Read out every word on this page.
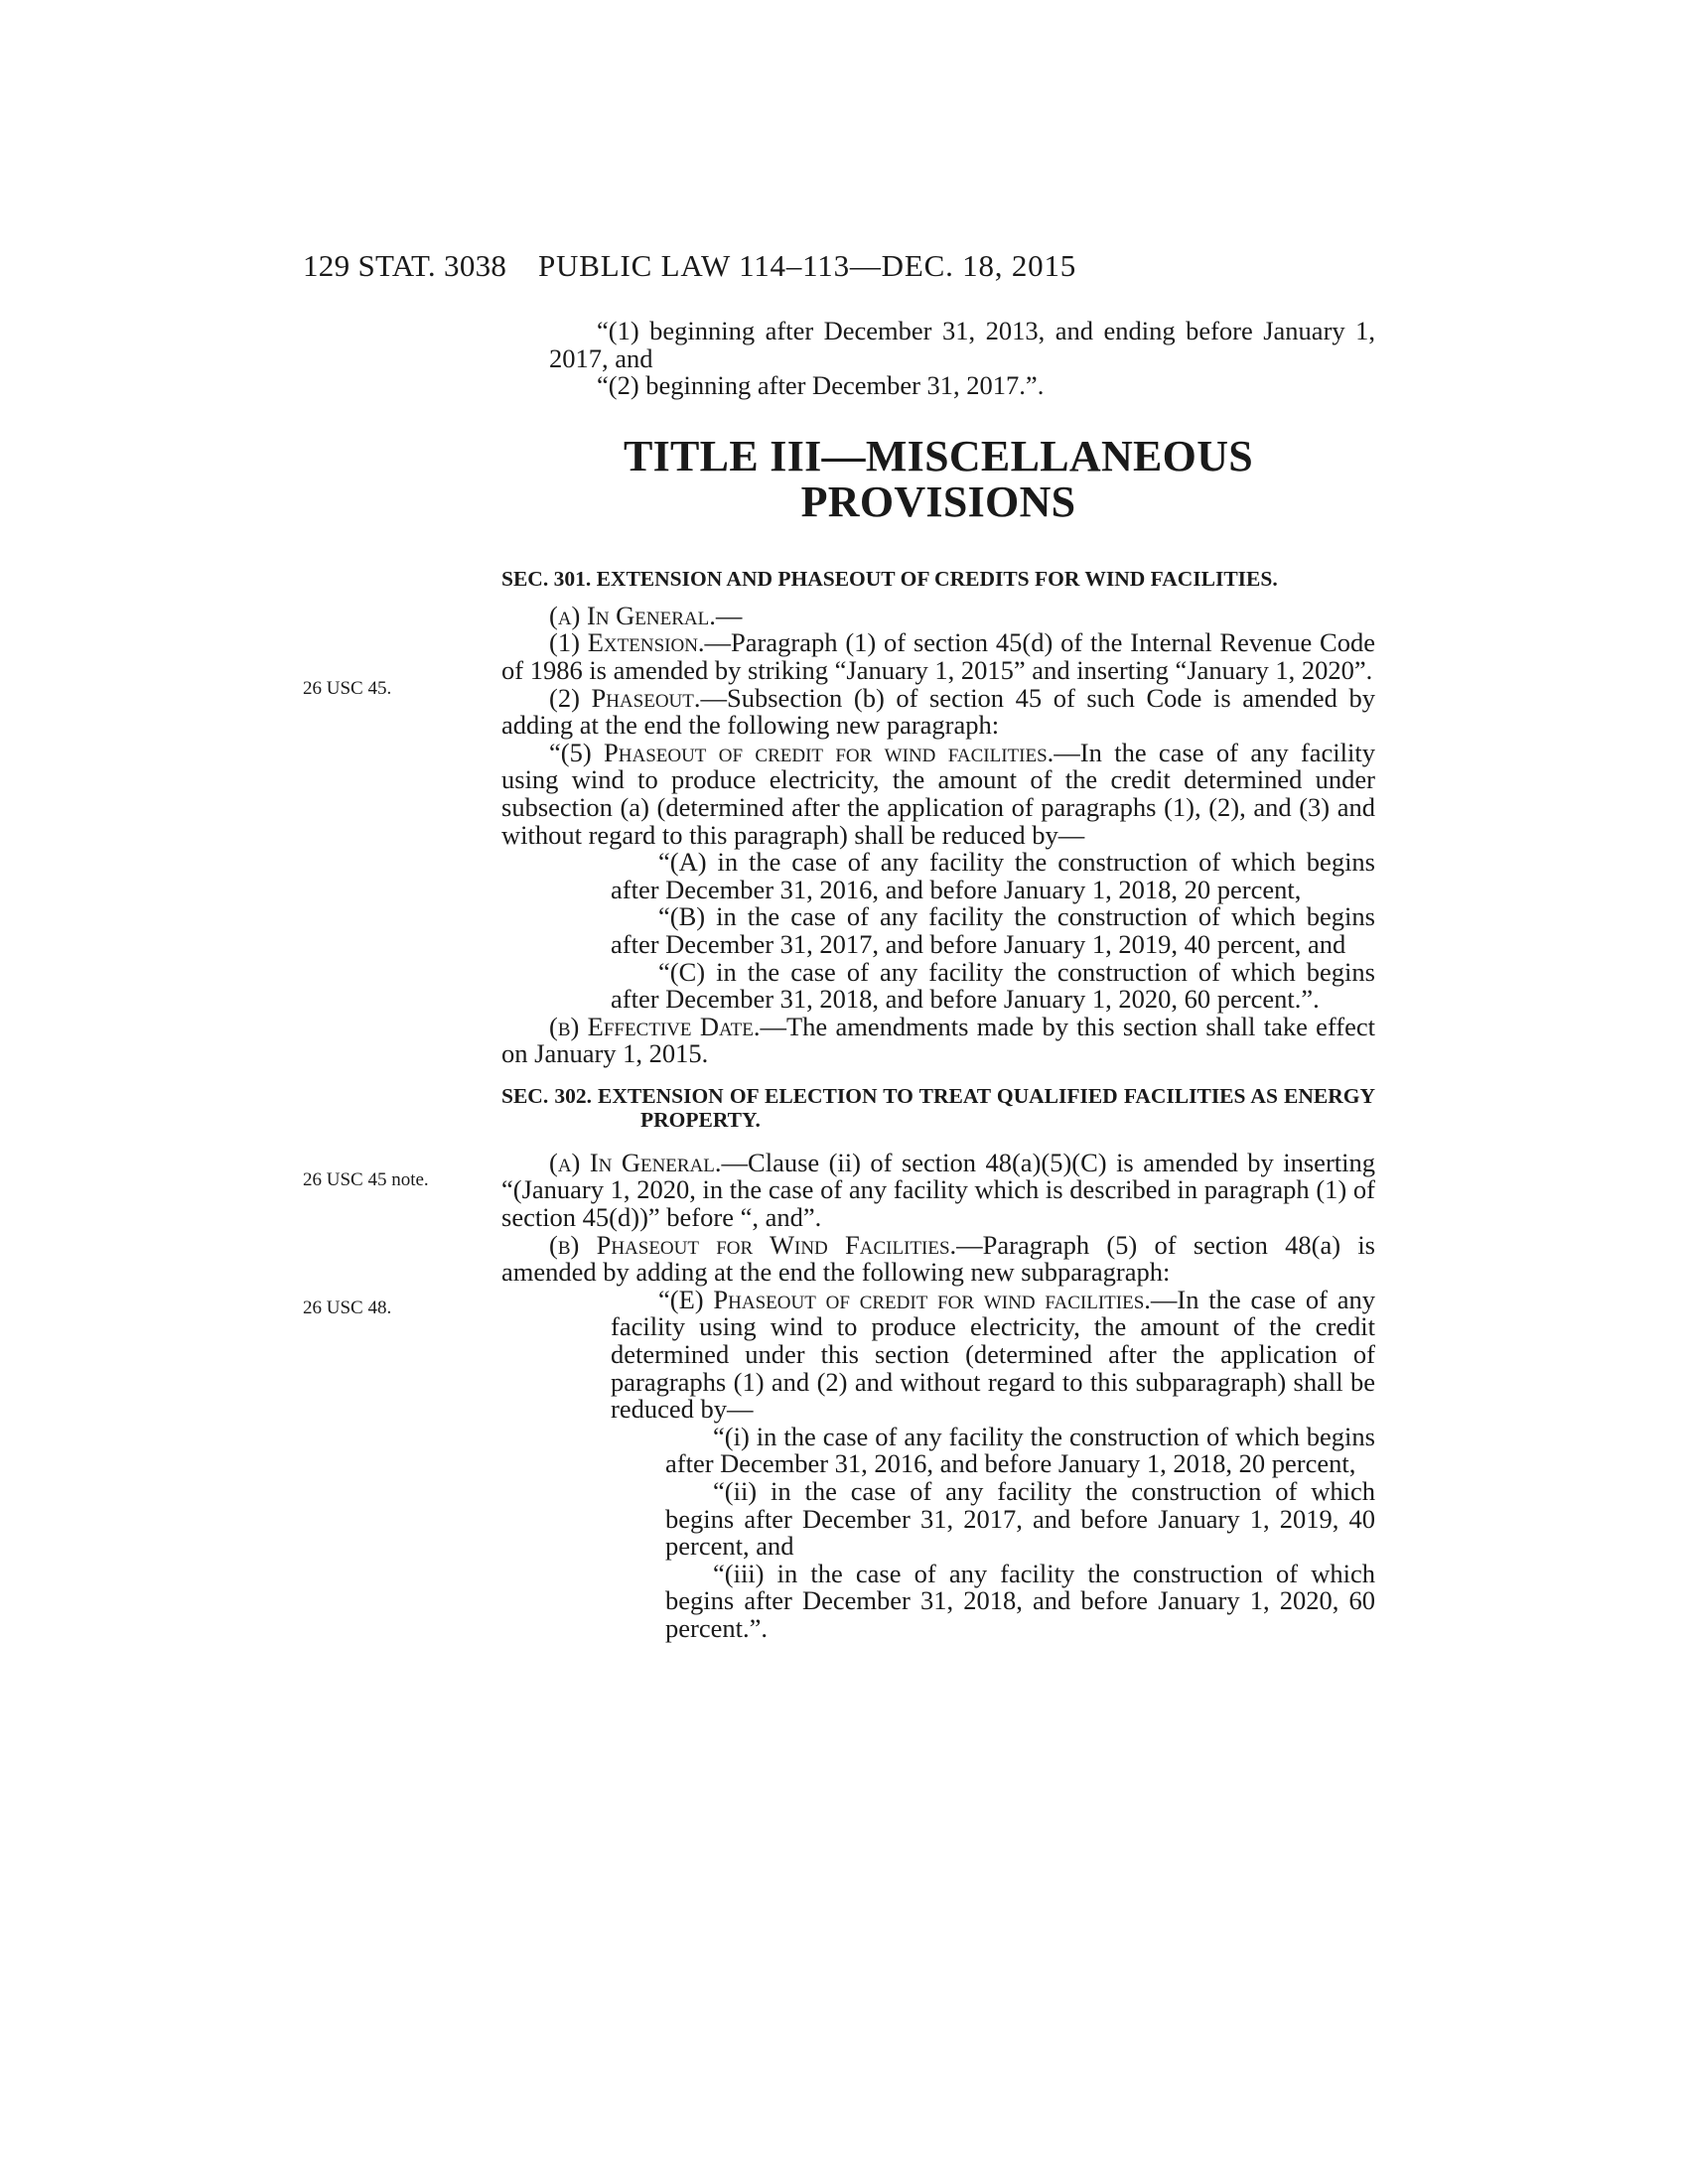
129 STAT. 3038 PUBLIC LAW 114–113—DEC. 18, 2015
26 USC 45.
26 USC 45 note.
26 USC 48.

“(1) beginning after December 31, 2013, and ending before January 1, 2017, and

“(2) beginning after December 31, 2017.”.

TITLE III—MISCELLANEOUS
PROVISIONS

SEC. 301. EXTENSION AND PHASEOUT OF CREDITS FOR WIND FACILITIES.

(a) In General.—

(1) Extension.—Paragraph (1) of section 45(d) of the Internal Revenue Code of 1986 is amended by striking “January 1, 2015” and inserting “January 1, 2020”.

(2) Phaseout.—Subsection (b) of section 45 of such Code is amended by adding at the end the following new paragraph:

“(5) Phaseout of credit for wind facilities.—In the case of any facility using wind to produce electricity, the amount of the credit determined under subsection (a) (determined after the application of paragraphs (1), (2), and (3) and without regard to this paragraph) shall be reduced by—

“(A) in the case of any facility the construction of which begins after December 31, 2016, and before January 1, 2018, 20 percent,

“(B) in the case of any facility the construction of which begins after December 31, 2017, and before January 1, 2019, 40 percent, and

“(C) in the case of any facility the construction of which begins after December 31, 2018, and before January 1, 2020, 60 percent.”.

(b) Effective Date.—The amendments made by this section shall take effect on January 1, 2015.

SEC. 302. EXTENSION OF ELECTION TO TREAT QUALIFIED FACILITIES AS ENERGY PROPERTY.

(a) In General.—Clause (ii) of section 48(a)(5)(C) is amended by inserting “(January 1, 2020, in the case of any facility which is described in paragraph (1) of section 45(d))” before “, and”.

(b) Phaseout for Wind Facilities.—Paragraph (5) of section 48(a) is amended by adding at the end the following new subparagraph:

“(E) Phaseout of credit for wind facilities.—In the case of any facility using wind to produce electricity, the amount of the credit determined under this section (determined after the application of paragraphs (1) and (2) and without regard to this subparagraph) shall be reduced by—

“(i) in the case of any facility the construction of which begins after December 31, 2016, and before January 1, 2018, 20 percent,

“(ii) in the case of any facility the construction of which begins after December 31, 2017, and before January 1, 2019, 40 percent, and

“(iii) in the case of any facility the construction of which begins after December 31, 2018, and before January 1, 2020, 60 percent.”.
